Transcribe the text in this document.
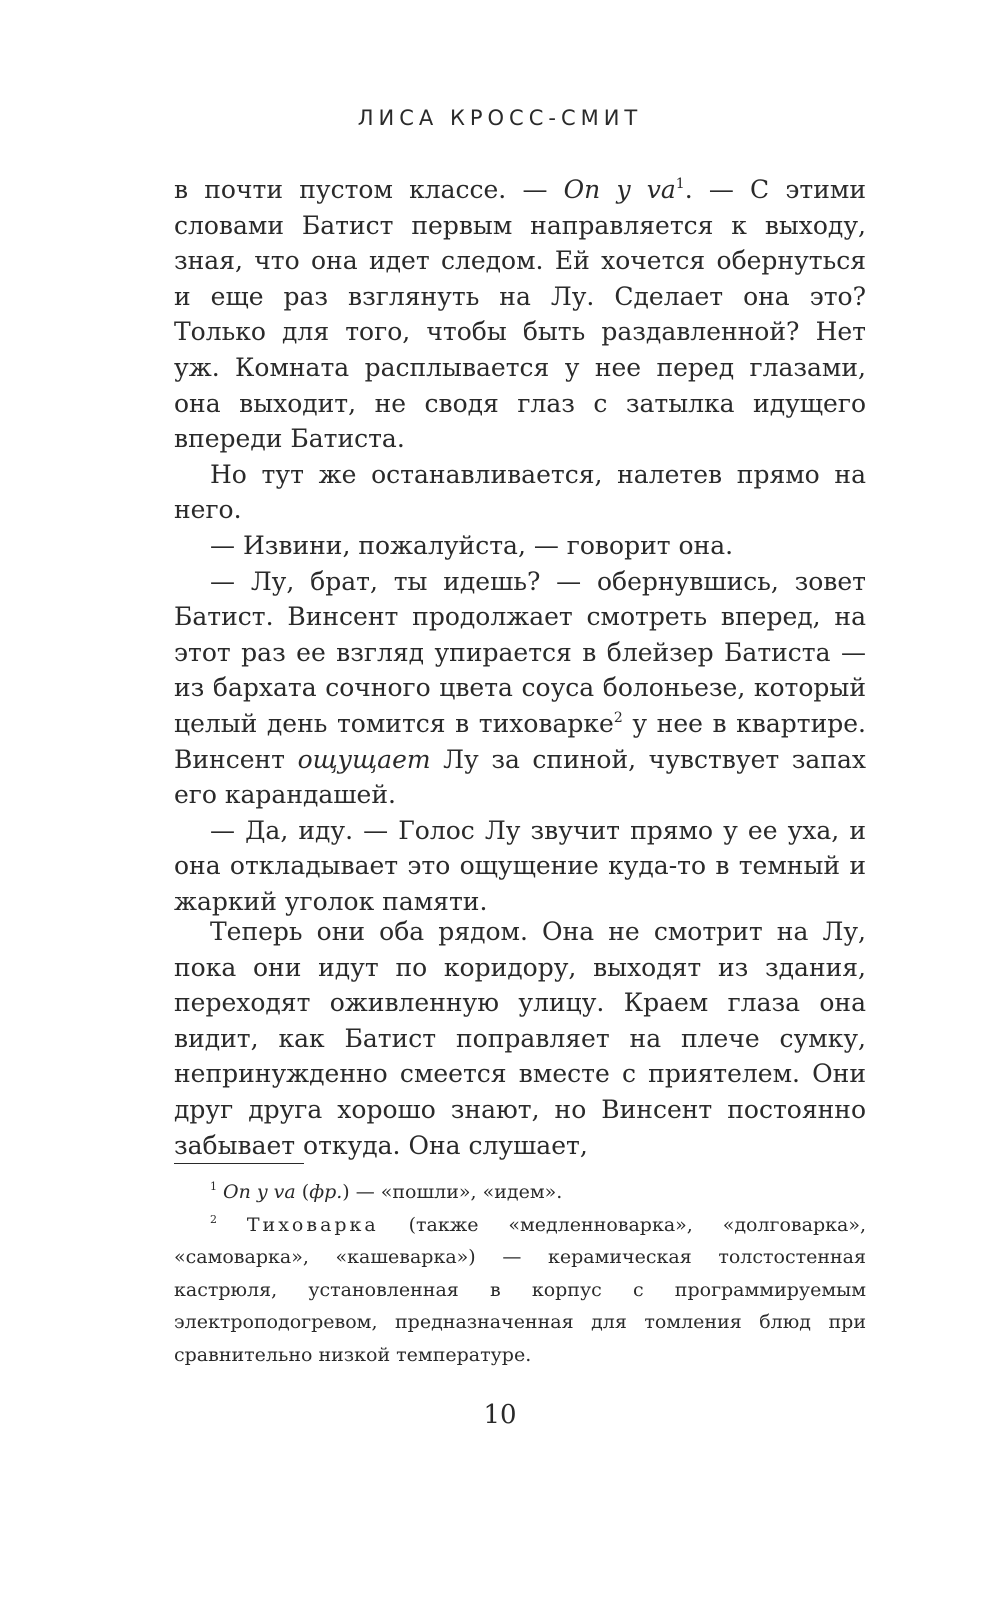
ЛИСА КРОСС-СМИТ

в почти пустом классе. — On y $va^1$. — С этими словами Батист первым направляется к выходу, зная, что она идет следом. Ей хочется обернуться и еще раз взглянуть на Лу. Сделает она это? Только для того, чтобы быть раздавленной? Нет уж. Комната расплывается у нее перед глазами, она выходит, не сводя глаз с затылка идущего впереди Батиста.

Но тут же останавливается, налетев прямо на него.

— Извини, пожалуйста, — говорит она.

— Лу, брат, ты идешь? — обернувшись, зовет Батист. Винсент продолжает смотреть вперед, на этот раз ее взгляд упирается в блейзер Батиста — из бархата сочного цвета соуса болоньезе, который целый день томится в тиховарке$^2$ у нее в квартире. Винсент ощущает Лу за спиной, чувствует запах его карандашей.

— Да, иду. — Голос Лу звучит прямо у ее уха, и она откладывает это ощущение куда-то в темный и жаркий уголок памяти.

Теперь они оба рядом. Она не смотрит на Лу, пока они идут по коридору, выходят из здания, переходят оживленную улицу. Краем глаза она видит, как Батист поправляет на плече сумку, непринужденно смеется вместе с приятелем. Они друг друга хорошо знают, но Винсент постоянно забывает откуда. Она слушает,

$^1$ On y va (фр.) — «пошли», «идем».

$^2$ Тиховарка (также «медленноварка», «долговарка», «самоварка», «кашеварка») — керамическая толстостенная кастрюля, установленная в корпус с программируемым электроподогревом, предназначенная для томления блюд при сравнительно низкой температуре.

10
